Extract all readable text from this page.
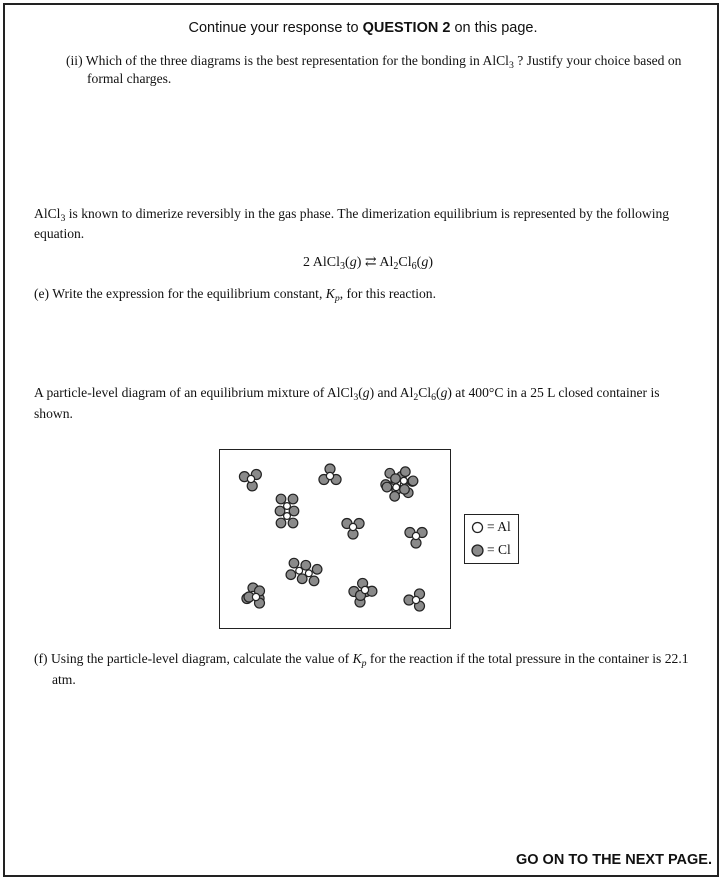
Continue your response to QUESTION 2 on this page.
(ii) Which of the three diagrams is the best representation for the bonding in AlCl$_3$ ? Justify your choice based on formal charges.
AlCl$_3$ is known to dimerize reversibly in the gas phase. The dimerization equilibrium is represented by the following equation.
2 AlCl$_3$(g) ⇄ $Al_2Cl_6(g)$
(e) Write the expression for the equilibrium constant, $K_p$, for this reaction.
A particle-level diagram of an equilibrium mixture of AlCl$_3$(g) and $Al_2Cl_6(g)$ at 400°C in a 25 L closed container is shown.
= Al
= Cl
(f) Using the particle-level diagram, calculate the value of $K_p$ for the reaction if the total pressure in the container is 22.1 atm.
GO ON TO THE NEXT PAGE.
